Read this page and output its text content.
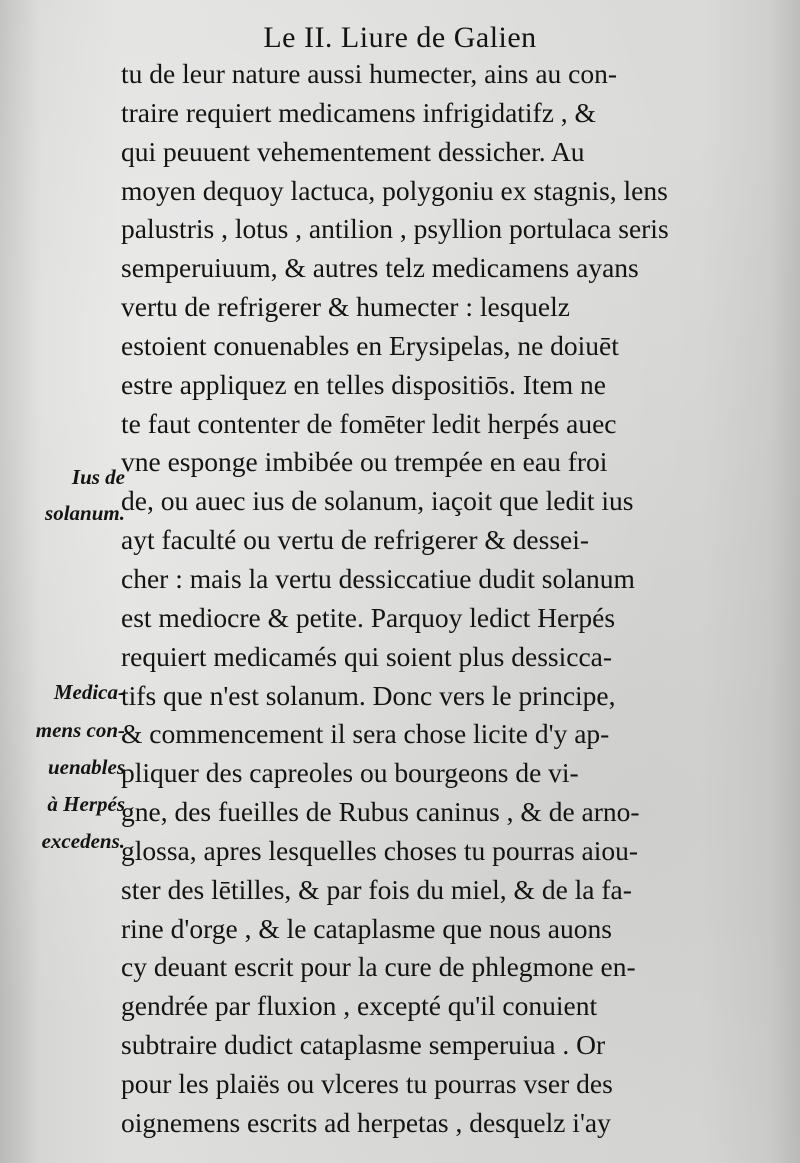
Le II. Liure de Galien
tu de leur nature aussi humecter, ains au con-
traire requiert medicamens infrigidatifz , &
qui peuuent vehementement dessicher. Au
moyen dequoy lactuca, polygoniu ex stagnis, lens
palustris , lotus , antilion , psyllion portulaca seris
semperuiuum, & autres telz medicamens ayans
vertu de refrigerer & humecter : lesquelz
estoient conuenables en Erysipelas, ne doiuēt
estre appliquez en telles dispositiōs. Item ne
te faut contenter de fomēter ledit herpés auec
vne esponge imbibée ou trempée en eau froi
de, ou auec ius de solanum, iaçoit que ledit ius
ayt faculté ou vertu de refrigerer & dessei-
cher : mais la vertu dessiccatiue dudit solanum
est mediocre & petite. Parquoy ledict Herpés
requiert medicamés qui soient plus dessicca-
tifs que n'est solanum. Donc vers le principe,
& commencement il sera chose licite d'y ap-
pliquer des capreoles ou bourgeons de vi-
gne, des fueilles de Rubus caninus , & de arno-
glossa, apres lesquelles choses tu pourras aiou-
ster des lētilles, & par fois du miel, & de la fa-
rine d'orge , & le cataplasme que nous auons
cy deuant escrit pour la cure de phlegmone en-
gendrée par fluxion , excepté qu'il conuient
subtraire dudict cataplasme semperuiua . Or
pour les plaiës ou vlceres tu pourras vser des
oignemens escrits ad herpetas , desquelz i'ay
Ius de
solanum.
Medica-
mens con-
uenables
à Herpés
excedens.
